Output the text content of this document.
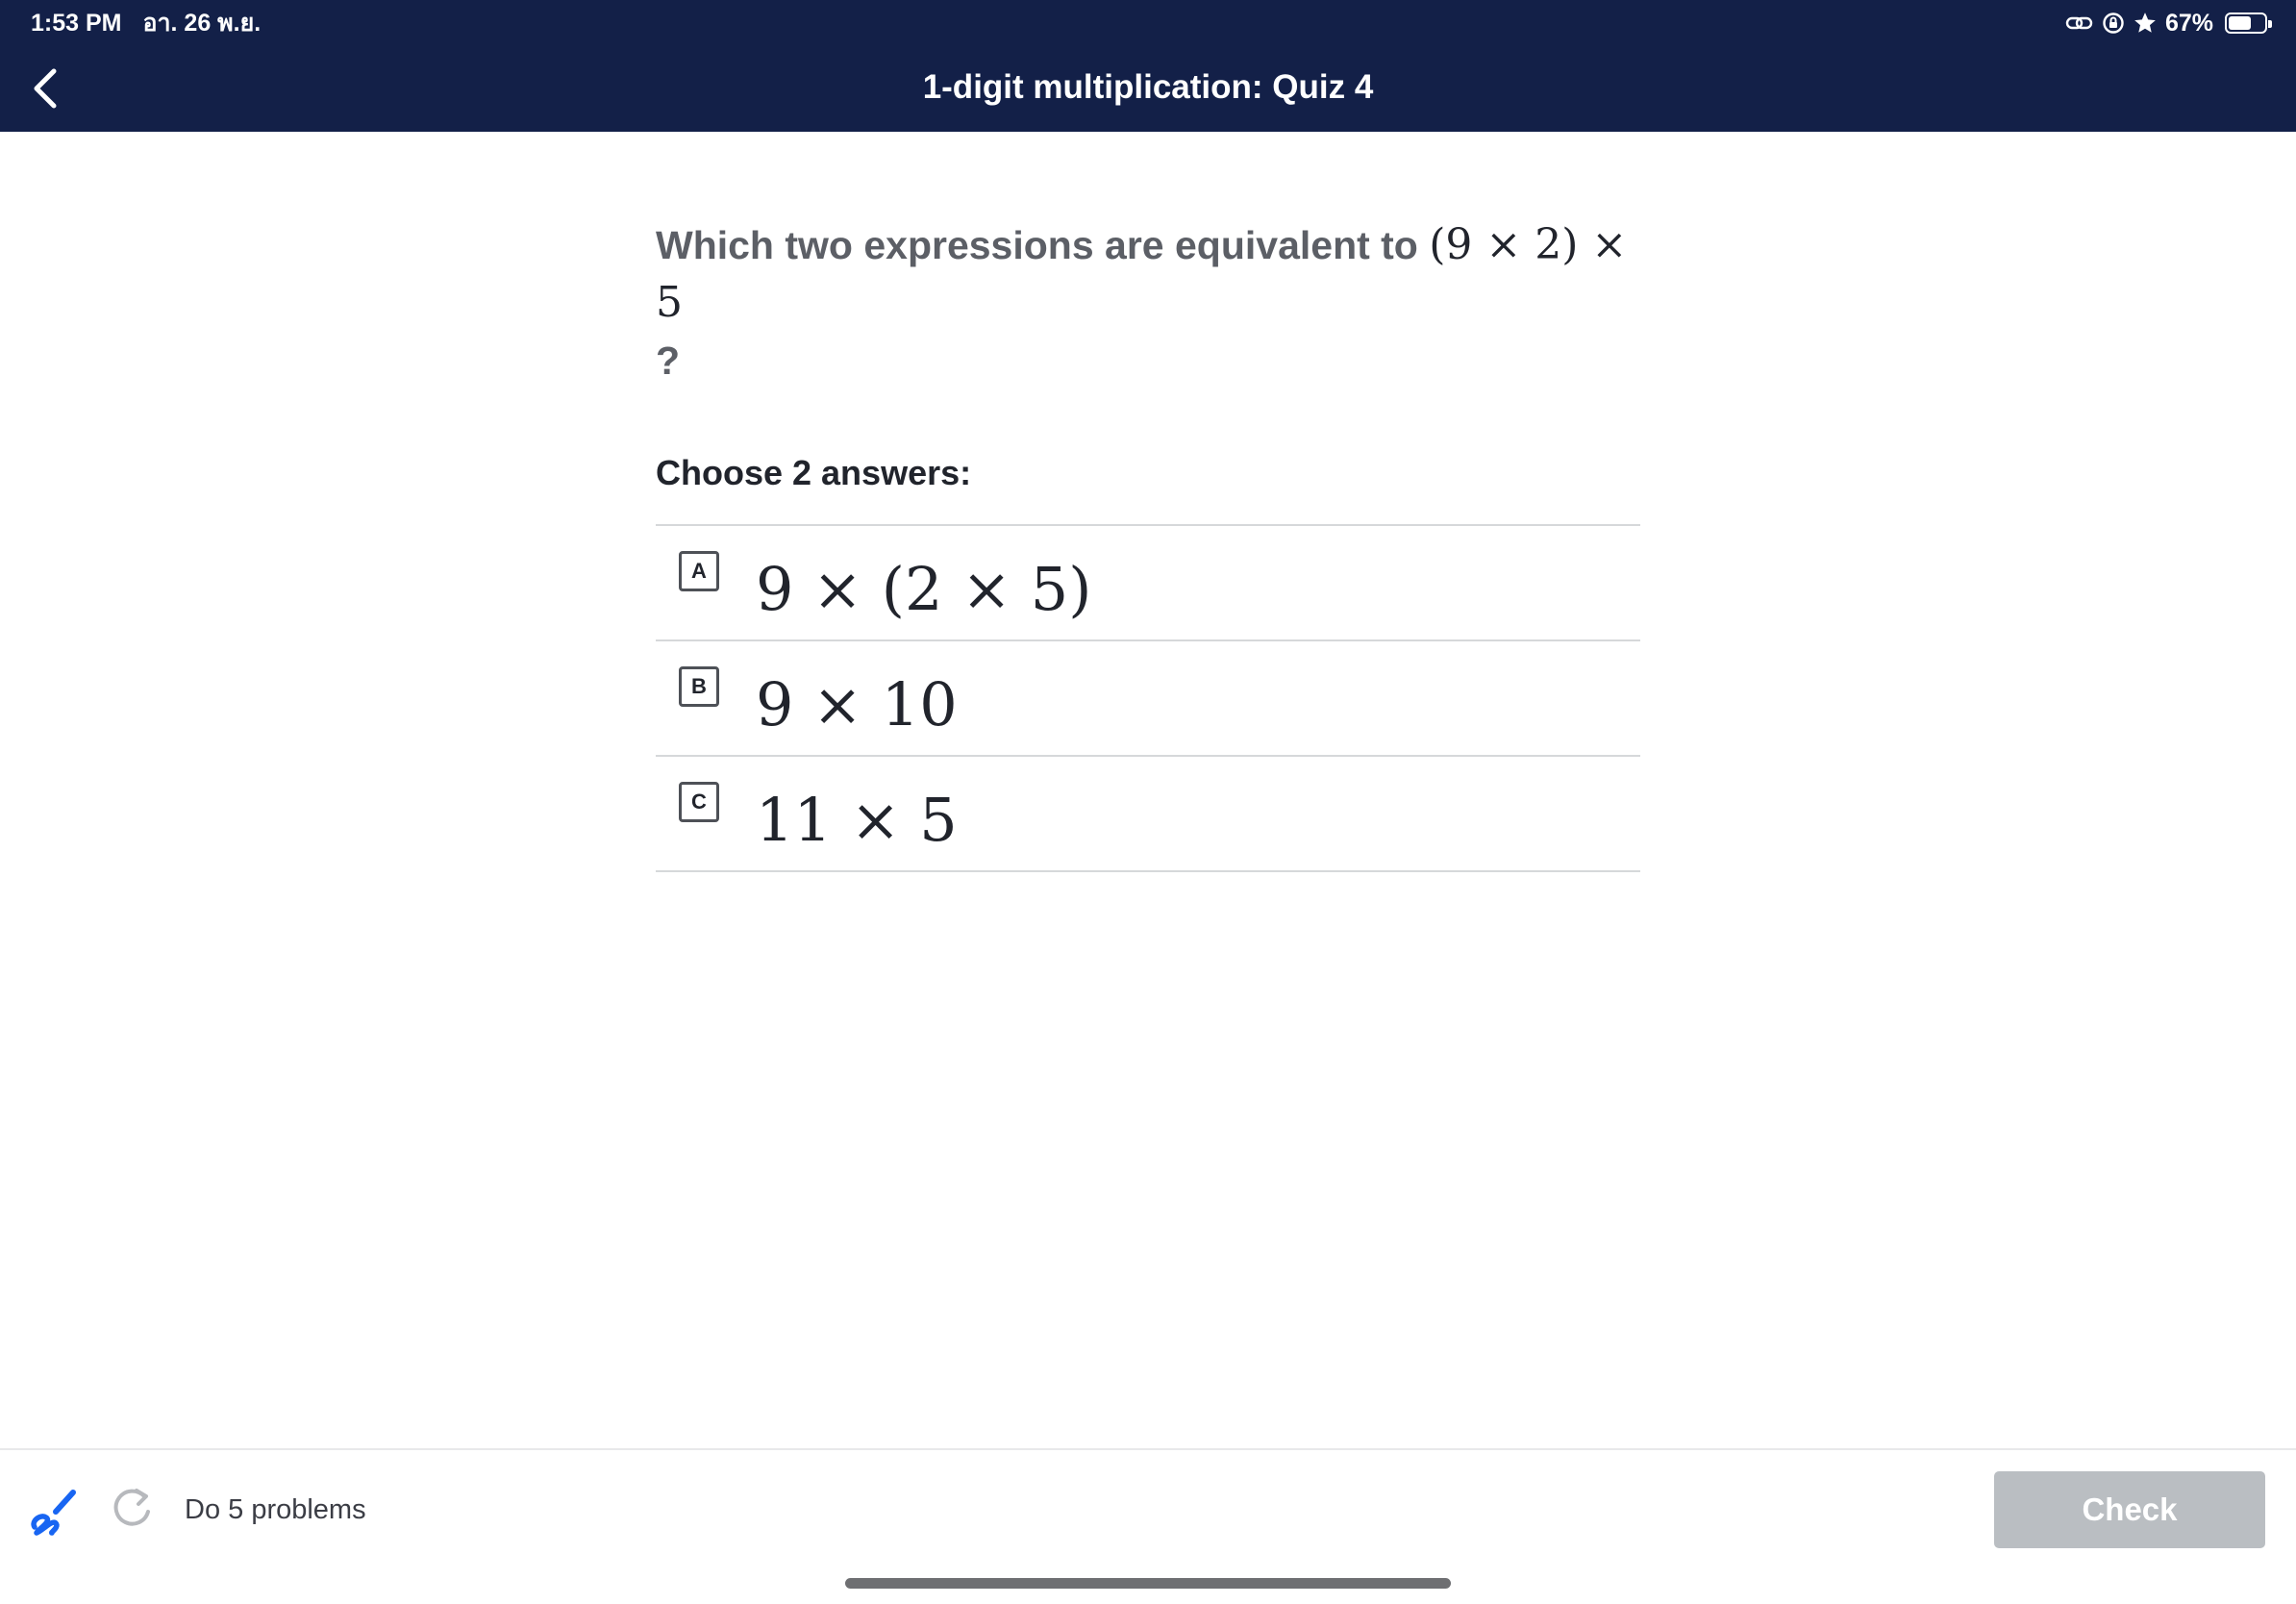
1:53 PM อา. 26 พ.ย.	67%
1-digit multiplication: Quiz 4
Which two expressions are equivalent to (9 × 2) × 5
?
Choose 2 answers:
A 9 × (2 × 5)
B 9 × 10
C 11 × 5
Do 5 problems	Check
